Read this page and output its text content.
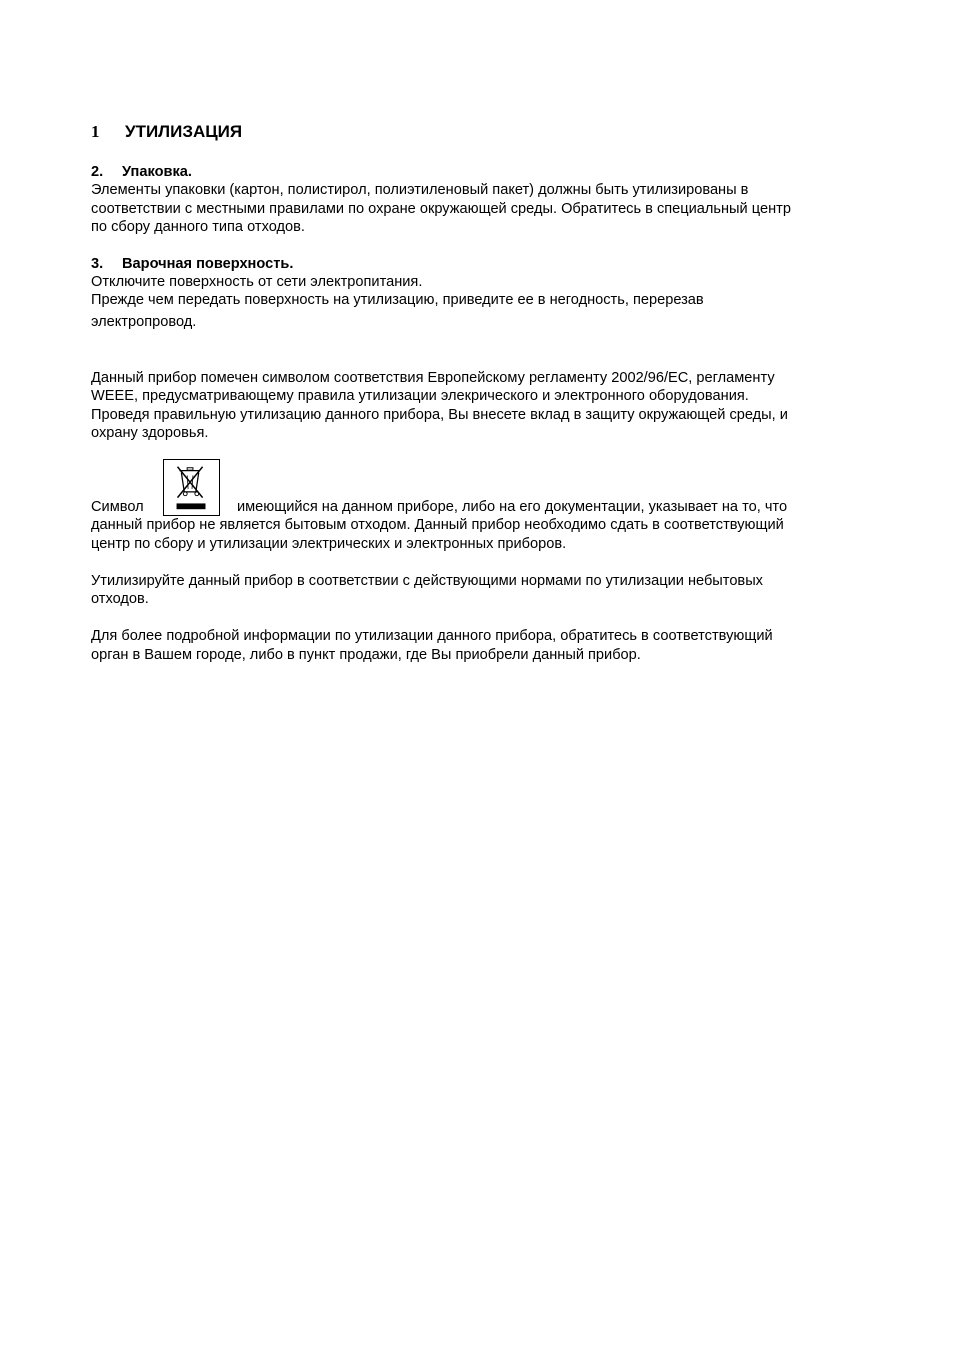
1 УТИЛИЗАЦИЯ
2. Упаковка.
Элементы упаковки (картон, полистирол, полиэтиленовый пакет) должны быть утилизированы в
соответствии с местными правилами по охране окружающей среды. Обратитесь в специальный центр
по сбору данного типа отходов.
3. Варочная поверхность.
Отключите поверхность от сети электропитания.
Прежде чем передать поверхность на утилизацию, приведите ее в негодность, перерезав
электропровод.
Данный прибор помечен символом соответствия Европейскому регламенту 2002/96/EC, регламенту
WEEE, предусматривающему правила утилизации элекрического и электронного оборудования.
Проведя правильную утилизацию данного прибора, Вы внесете вклад в защиту окружающей среды, и
охрану здоровья.
Символ	имеющийся на данном приборе, либо на его документации, указывает на то, что
данный прибор не является бытовым отходом. Данный прибор необходимо сдать в соответствующий
центр по сбору и утилизации электрических и электронных приборов.
Утилизируйте данный прибор в соответствии с действующими нормами по утилизации небытовых
отходов.
Для более подробной информации по утилизации данного прибора, обратитесь в соответствующий
орган в Вашем городе, либо в пункт продажи, где Вы приобрели данный прибор.
